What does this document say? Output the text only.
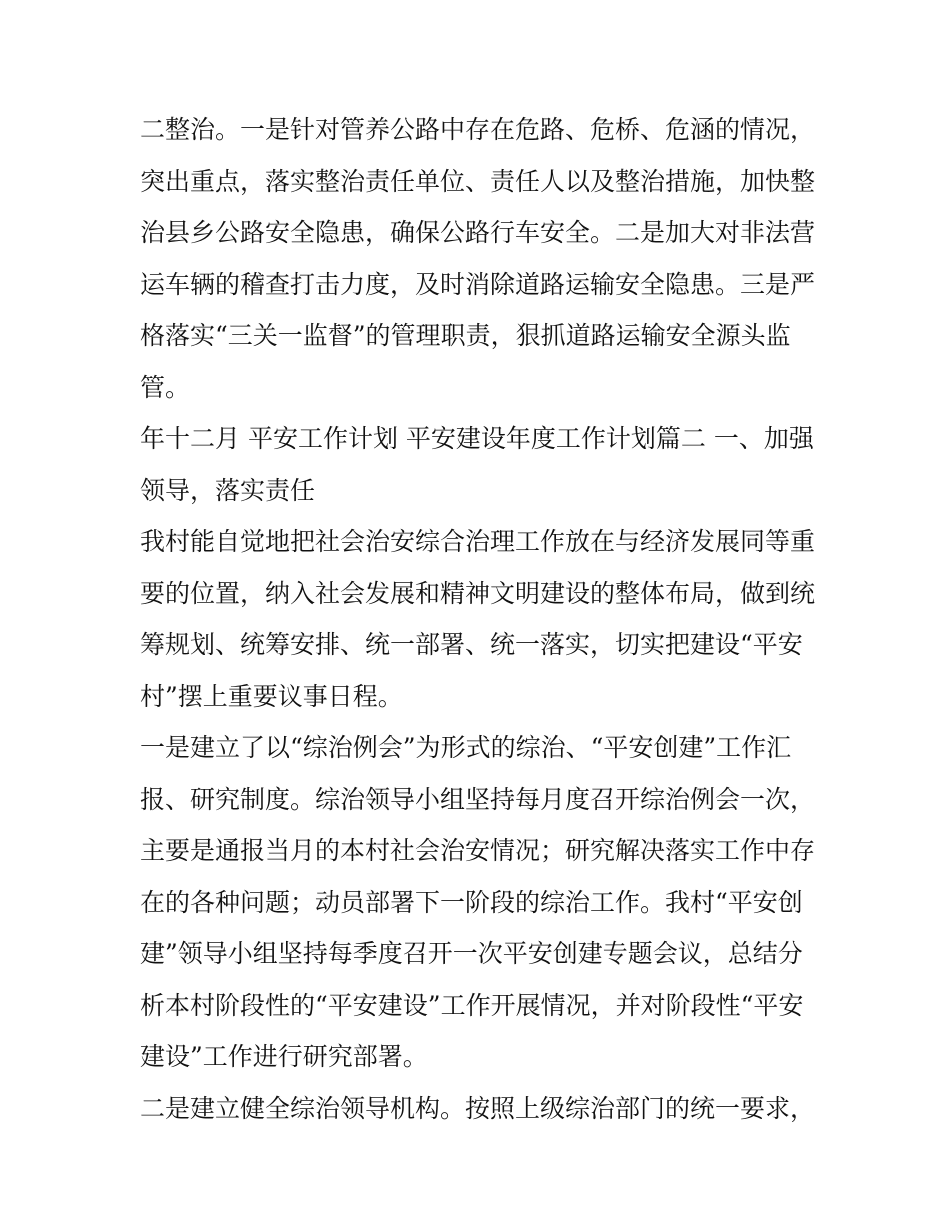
二整治。一是针对管养公路中存在危路、危桥、危涵的情况，
突出重点，落实整治责任单位、责任人以及整治措施，加快整
治县乡公路安全隐患，确保公路行车安全。二是加大对非法营
运车辆的稽查打击力度，及时消除道路运输安全隐患。三是严
格落实“三关一监督”的管理职责，狠抓道路运输安全源头监
管。
年十二月 平安工作计划 平安建设年度工作计划篇二 一、加强
领导，落实责任
我村能自觉地把社会治安综合治理工作放在与经济发展同等重
要的位置，纳入社会发展和精神文明建设的整体布局，做到统
筹规划、统筹安排、统一部署、统一落实，切实把建设“平安
村”摆上重要议事日程。
一是建立了以“综治例会”为形式的综治、“平安创建”工作汇
报、研究制度。综治领导小组坚持每月度召开综治例会一次，
主要是通报当月的本村社会治安情况；研究解决落实工作中存
在的各种问题；动员部署下一阶段的综治工作。我村“平安创
建”领导小组坚持每季度召开一次平安创建专题会议，总结分
析本村阶段性的“平安建设”工作开展情况，并对阶段性“平安
建设”工作进行研究部署。
二是建立健全综治领导机构。按照上级综治部门的统一要求，
